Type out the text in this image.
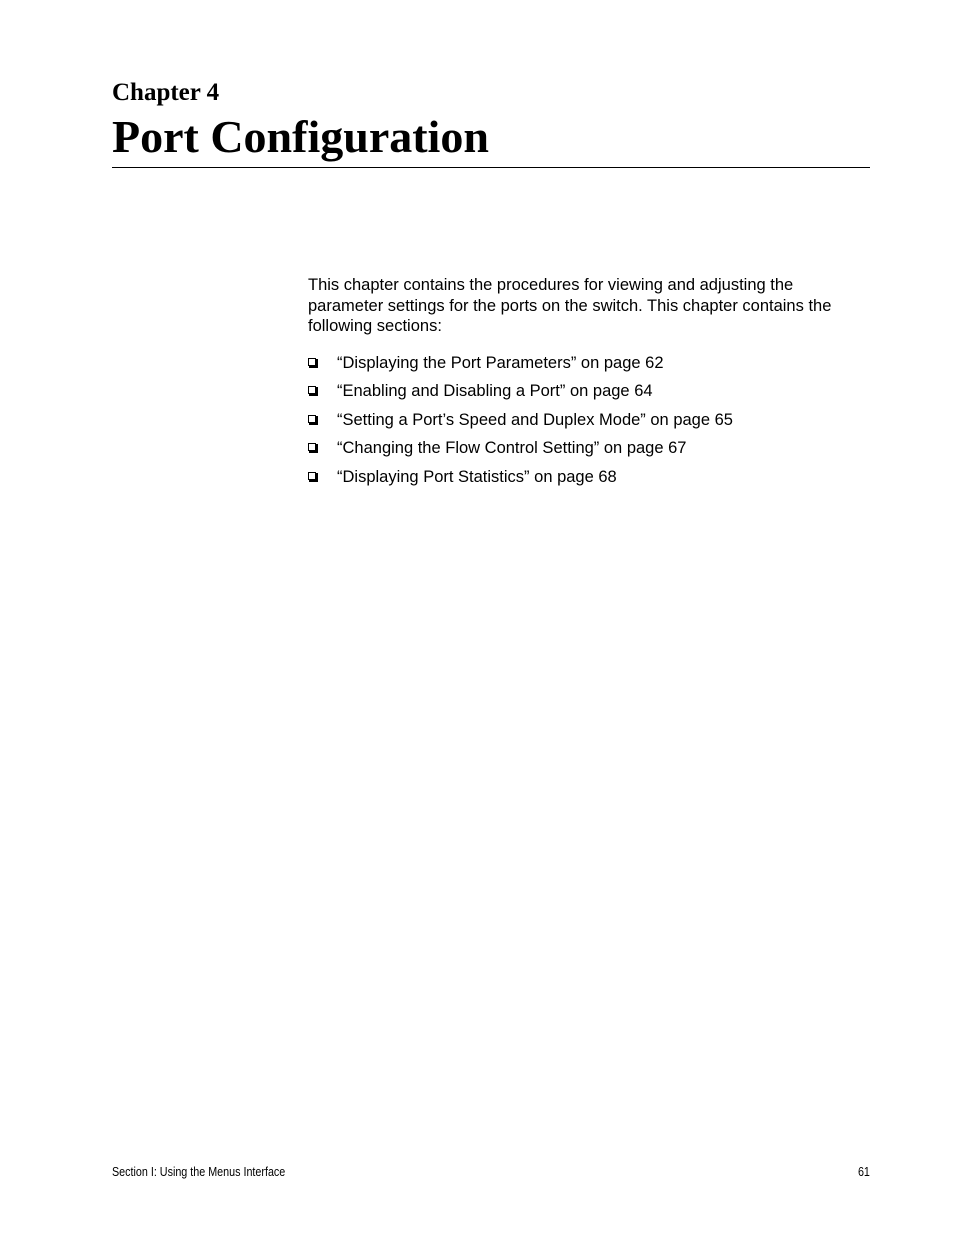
Chapter 4
Port Configuration

This chapter contains the procedures for viewing and adjusting the parameter settings for the ports on the switch. This chapter contains the following sections:

“Displaying the Port Parameters” on page 62
“Enabling and Disabling a Port” on page 64
“Setting a Port’s Speed and Duplex Mode” on page 65
“Changing the Flow Control Setting” on page 67
“Displaying Port Statistics” on page 68
Section I: Using the Menus Interface	61
